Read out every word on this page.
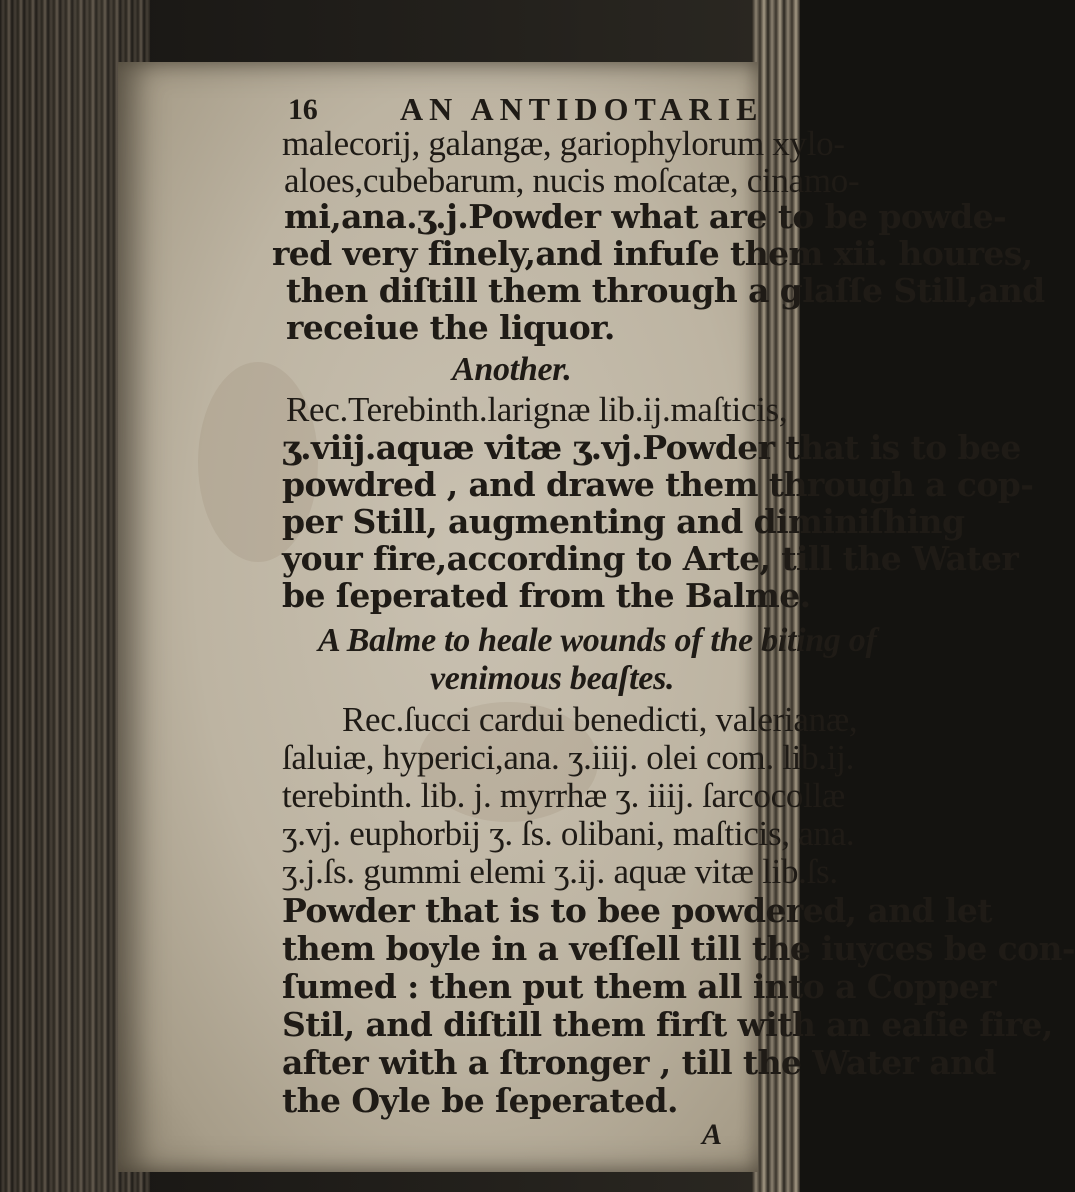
16	AN ANTIDOTARIE
malecorij, galangæ, gariophylorum xylo-
aloes,cubebarum, nucis moſcatæ, cinamo-
mi,ana.ʒ.j.Powder what are to be powde-
red very finely,and infuſe them xii. houres,
then diſtill them through a glaſſe Still,and
receiue the liquor.
Another.
Rec.Terebinth.larignæ lib.ij.maſticis,
ʒ.viij.aquæ vitæ ʒ.vj.Powder that is to bee
powdred , and drawe them through a cop-
per Still, augmenting and diminiſhing
your fire,according to Arte, till the Water
be ſeperated from the Balme.
A Balme to heale wounds of the biting of
venimous beaſtes.
Rec.ſucci cardui benedicti, valerianæ,
ſaluiæ, hyperici,ana. ʒ.iiij. olei com. lib.ij.
terebinth. lib. j. myrrhæ ʒ. iiij. ſarcocollæ
ʒ.vj. euphorbij ʒ. ſs. olibani, maſticis, ana.
ʒ.j.ſs. gummi elemi ʒ.ij. aquæ vitæ lib.ſs.
Powder that is to bee powdered, and let
them boyle in a veſſell till the iuyces be con-
ſumed : then put them all into a Copper
Stil, and diſtill them firſt with an eaſie fire,
after with a ſtronger , till the Water and
the Oyle be ſeperated.
A
